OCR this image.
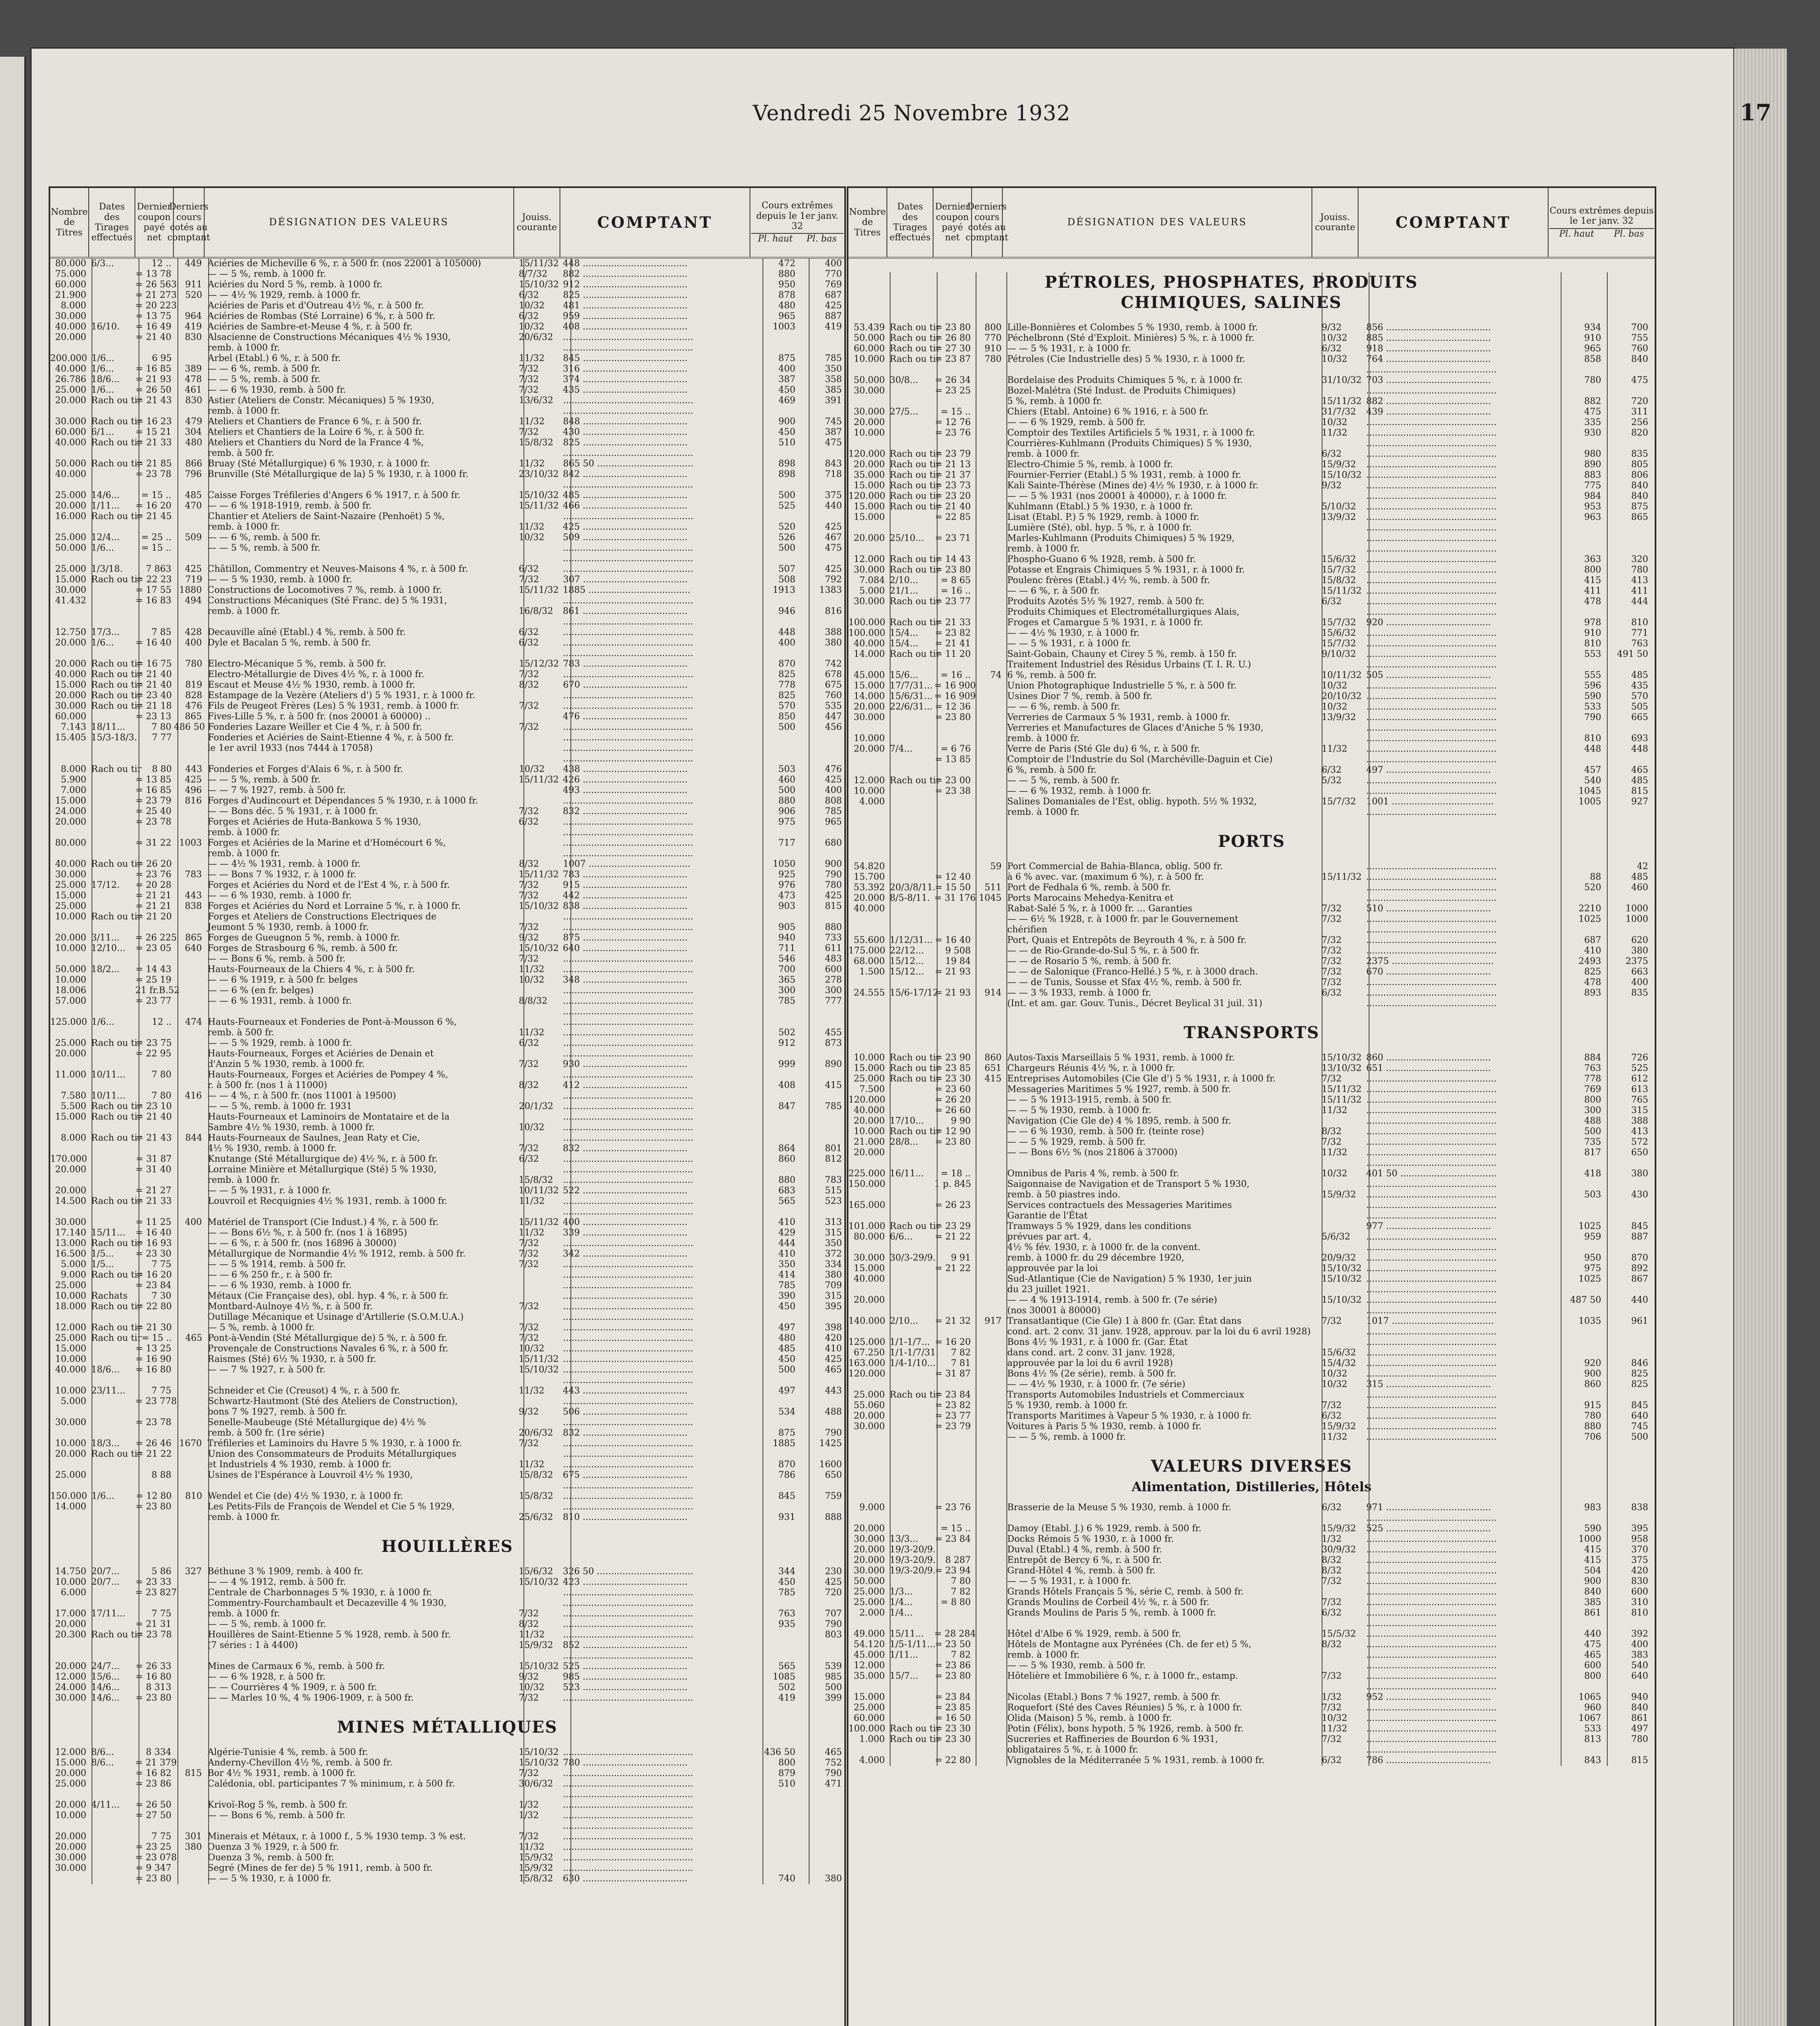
Vendredi 25 Novembre 1932	17
Nombre de Titres
Dates des Tirages effectués
Dernier coupon payé net
Derniers cours cotés au comptant
DÉSIGNATION DES VALEURS	Jouiss. courante	COMPTANT
Cours extrêmes depuis le 1er janv. 32
Pl. haut Pl. bas
80.000 6/3...	12 ..	449 Aciéries de Micheville 6 %, r. à 500 fr. (nos 22001 à 105000)	15/11/32 448 .....................................	472	400
75.000	= 13 78	— — 5 %, remb. à 1000 fr.	8/7/32	882 .....................................	880	770
60.000	= 26 563 911 Aciéries du Nord 5 %, remb. à 1000 fr.	15/10/32 912 .....................................	950	769
21.900	= 21 273 520 — — 4½ % 1929, remb. à 1000 fr.	6/32	825 .....................................	878	687
8.000	= 20 223	Aciéries de Paris et d'Outreau 4½ %, r. à 500 fr.	10/32	481 .....................................	480	425
30.000	= 13 75	964 Aciéries de Rombas (Sté Lorraine) 6 %, r. à 500 fr.	6/32	959 .....................................	965	887
40.000 16/10.	= 16 49	419 Aciéries de Sambre-et-Meuse 4 %, r. à 500 fr.	10/32	408 .....................................	1003	419
20.000	= 21 40	830 Alsacienne de Constructions Mécaniques 4½ % 1930,	20/6/32	..............................................
remb. à 1000 fr.	..............................................
200.000 1/6...	6 95	Arbel (Etabl.) 6 %, r. à 500 fr.	11/32	845 .....................................	875	785
40.000 1/6...	= 16 85	389 — — 6 %, remb. à 500 fr.	7/32	316 .....................................	400	350
26.786 18/6...	= 21 93	478 — — 5 %, remb. à 500 fr.	7/32	374 .....................................	387	358
25.000 1/6...	= 26 50	461 — — 6 % 1930, remb. à 500 fr.	7/32	435 .....................................	450	385
20.000 Rach ou tir
= 21 43	830 Astier (Ateliers de Constr. Mécaniques) 5 % 1930,	13/6/32	..............................................	469	391
remb. à 1000 fr.	..............................................
30.000 Rach ou tir
= 16 23	479 Ateliers et Chantiers de France 6 %, r. à 500 fr.	11/32	848 .....................................	900	745
60.000 6/1...	= 15 21	304 Ateliers et Chantiers de la Loire 6 %, r. à 500 fr.	7/32	430 .....................................	450	387
40.000 Rach ou tir
= 21 33	480 Ateliers et Chantiers du Nord de la France 4 %,	15/8/32	825 .....................................	510	475
remb. à 500 fr.	..............................................
50.000 Rach ou tir
= 21 85	866 Bruay (Sté Métallurgique) 6 % 1930, r. à 1000 fr.	11/32	865 50 ..................................	898	843
40.000	= 23 78	796 Brunville (Sté Métallurgique de la) 5 % 1930, r. à 1000 fr.	23/10/32 842 .....................................	898	718
..............................................
25.000 14/6...	= 15 ..	485 Caisse Forges Tréfileries d'Angers 6 % 1917, r. à 500 fr.	15/10/32 485 .....................................	500	375
20.000 1/11...	= 16 20	470 — — 6 % 1918-1919, remb. à 500 fr.	15/11/32 466 .....................................	525	440
16.000 Rach ou tir
= 21 45	Chantier et Ateliers de Saint-Nazaire (Penhoët) 5 %,	..............................................
remb. à 1000 fr.	11/32	425 .....................................	520	425
25.000 12/4...	= 25 ..	509 — — 6 %, remb. à 500 fr.	10/32	509 .....................................	526	467
50.000 1/6...	= 15 ..	— — 5 %, remb. à 500 fr.	..............................................	500	475
..............................................
25.000 1/3/18.	7 863	425 Châtillon, Commentry et Neuves-Maisons 4 %, r. à 500 fr.	6/32	..............................................	507	425
15.000 Rach ou tir
= 22 23	719 — — 5 % 1930, remb. à 1000 fr.	7/32	307 .....................................	508	792
30.000	= 17 55 1880 Constructions de Locomotives 7 %, remb. à 1000 fr.	15/11/32 1885 ....................................	1913	1383
41.432	= 16 83	494 Constructions Mécaniques (Sté Franc. de) 5 % 1931,	..............................................
remb. à 1000 fr.	16/8/32	861 .....................................	946	816
..............................................
12.750 17/3...	7 85	428 Decauville aîné (Etabl.) 4 %, remb. à 500 fr.	6/32	..............................................	448	388
20.000 1/6...	= 16 40	400 Dyle et Bacalan 5 %, remb. à 500 fr.	6/32	..............................................	400	380
..............................................
20.000 Rach ou tir
= 16 75	780 Electro-Mécanique 5 %, remb. à 500 fr.	15/12/32 783 .....................................	870	742
40.000 Rach ou tir
= 21 40	Electro-Métallurgie de Dives 4½ %, r. à 1000 fr.	7/32	..............................................	825	678
15.000 Rach ou tir
= 21 40	819 Escaut et Meuse 4½ % 1930, remb. à 1000 fr.	8/32	670 .....................................	778	675
20.000 Rach ou tir
= 23 40	828 Estampage de la Vezère (Ateliers d') 5 % 1931, r. à 1000 fr.	..............................................	825	760
30.000 Rach ou tir
= 21 18	476 Fils de Peugeot Frères (Les) 5 % 1931, remb. à 1000 fr.	7/32	..............................................	570	535
60.000	= 23 13	865 Fives-Lille 5 %, r. à 500 fr. (nos 20001 à 60000) ..	476 .....................................	850	447
7.143 18/11...	7 80 486 50 Fonderies Lazare Weiller et Cie 4 %, r. à 500 fr.	7/32	..............................................	500	456
15.405 15/3-18/3.	7 77	Fonderies et Aciéries de Saint-Etienne 4 %, r. à 500 fr.	..............................................
le 1er avril 1933 (nos 7444 à 17058)	..............................................
..............................................
8.000 Rach ou tir	8 80	443 Fonderies et Forges d'Alais 6 %, r. à 500 fr.	10/32	438 .....................................	503	476
5.900	= 13 85	425 — — 5 %, remb. à 500 fr.	15/11/32 426 .....................................	460	425
7.000	= 16 85	496 — — 7 % 1927, remb. à 500 fr.	493 .....................................	500	400
15.000	= 23 79	816 Forges d'Audincourt et Dépendances 5 % 1930, r. à 1000 fr.	..............................................	880	808
24.000	= 25 40	— — Bons déc. 5 % 1931, r. à 1000 fr.	7/32	832 .....................................	906	785
20.000	= 23 78	Forges et Aciéries de Huta-Bankowa 5 % 1930,	6/32	..............................................	975	965
remb. à 1000 fr.	..............................................
80.000	= 31 22 1003 Forges et Aciéries de la Marine et d'Homécourt 6 %,	..............................................	717	680
remb. à 1000 fr.	..............................................
40.000 Rach ou tir
= 26 20	— — 4½ % 1931, remb. à 1000 fr.	8/32	1007 ....................................	1050	900
30.000	= 23 76	783 — — Bons 7 % 1932, r. à 1000 fr.	15/11/32 783 .....................................	925	790
25.000 17/12.	= 20 28	Forges et Aciéries du Nord et de l'Est 4 %, r. à 500 fr.	7/32	915 .....................................	976	780
15.000	= 21 21	443 — — 6 % 1930, remb. à 1000 fr.	7/32	442 .....................................	473	425
25.000	= 21 21	838 Forges et Aciéries du Nord et Lorraine 5 %, r. à 1000 fr.	15/10/32 838 .....................................	903	815
10.000 Rach ou tir
= 21 20	Forges et Ateliers de Constructions Electriques de	..............................................
Jeumont 5 % 1930, remb. à 1000 fr.	7/32	..............................................	905	880
20.000 3/11...	= 26 225 865 Forges de Gueugnon 5 %, remb. à 1000 fr.	9/32	875 .....................................	940	733
10.000 12/10...	= 23 05	640 Forges de Strasbourg 6 %, remb. à 500 fr.	15/10/32 640 .....................................	711	611
— — Bons 6 %, remb. à 500 fr.	7/32	..............................................	546	483
50.000 18/2...	= 14 43	Hauts-Fourneaux de la Chiers 4 %, r. à 500 fr.	11/32	..............................................	700	600
10.000	= 25 19	— — 6 % 1919, r. à 500 fr. belges	10/32	348 .....................................	365	278
18.006	21 fr.B.52	— — 6 % (en fr. belges)	..............................................	300	300
57.000	= 23 77	— — 6 % 1931, remb. à 1000 fr.	8/8/32	..............................................	785	777
..............................................
125.000 1/6...	12 ..	474 Hauts-Fourneaux et Fonderies de Pont-à-Mousson 6 %,	..............................................
remb. à 500 fr.	11/32	..............................................	502	455
25.000 Rach ou tir
= 23 75	— — 5 % 1929, remb. à 1000 fr.	6/32	..............................................	912	873
20.000	= 22 95	Hauts-Fourneaux, Forges et Aciéries de Denain et	..............................................
d'Anzin 5 % 1930, remb. à 1000 fr.	7/32	930 .....................................	999	890
11.000 10/11...	7 80	Hauts-Fourneaux, Forges et Aciéries de Pompey 4 %,	..............................................
r. à 500 fr. (nos 1 à 11000)	8/32	412 .....................................	408	415
7.580 10/11...	7 80	416 — — 4 %, r. à 500 fr. (nos 11001 à 19500)	..............................................
5.500 Rach ou tir
= 23 10	— — 5 %, remb. à 1000 fr. 1931	20/1/32	..............................................	847	785
15.000 Rach ou tir
= 21 40	Hauts-Fourneaux et Laminoirs de Montataire et de la	..............................................
Sambre 4½ % 1930, remb. à 1000 fr.	10/32	..............................................
8.000 Rach ou tir
= 21 43	844 Hauts-Fourneaux de Saulnes, Jean Raty et Cie,	..............................................
4½ % 1930, remb. à 1000 fr.	7/32	832 .....................................	864	801
170.000	= 31 87	Knutange (Sté Métallurgique de) 4½ %, r. à 500 fr.	6/32	..............................................	860	812
20.000	= 31 40	Lorraine Minière et Métallurgique (Sté) 5 % 1930,	..............................................
remb. à 1000 fr.	15/8/32	..............................................	880	783
20.000	= 21 27	— — 5 % 1931, r. à 1000 fr.	10/11/32 522 .....................................	683	515
14.500 Rach ou tir
= 21 33	Louvroil et Recquignies 4½ % 1931, remb. à 1000 fr.	11/32	..............................................	565	523
..............................................
30.000	= 11 25	400 Matériel de Transport (Cie Indust.) 4 %, r. à 500 fr.	15/11/32 400 .....................................	410	313
17.140 15/11...	= 16 40	— — Bons 6½ %, r. à 500 fr. (nos 1 à 16895)	11/32	339 .....................................	429	315
13.000 Rach ou tir
= 16 93	— — 6 %, r. à 500 fr. (nos 16896 à 30000)	7/32	..............................................	444	350
16.500 1/5...	= 23 30	Métallurgique de Normandie 4½ % 1912, remb. à 500 fr.	7/32	342 .....................................	410	372
5.000 1/5...	7 75	— — 5 % 1914, remb. à 500 fr.	7/32	..............................................	350	334
9.000 Rach ou tir
= 16 20	— — 6 % 250 fr., r. à 500 fr.	..............................................	414	380
25.000	= 23 84	— — 6 % 1930, remb. à 1000 fr.	..............................................	785	709
10.000 Rachats	7 30	Métaux (Cie Française des), obl. hyp. 4 %, r. à 500 fr.	..............................................	390	315
18.000 Rach ou tir
= 22 80	Montbard-Aulnoye 4½ %, r. à 500 fr.	7/32	..............................................	450	395
Outillage Mécanique et Usinage d'Artillerie (S.O.M.U.A.)	..............................................
12.000 Rach ou tir
= 21 30	— 5 %, remb. à 1000 fr.	7/32	..............................................	497	398
25.000 Rach ou tir = 15 ..	465 Pont-à-Vendin (Sté Métallurgique de) 5 %, r. à 500 fr.	7/32	..............................................	480	420
15.000	= 13 25	Provençale de Constructions Navales 6 %, r. à 500 fr.	10/32	..............................................	485	410
10.000	= 16 90	Raismes (Sté) 6½ % 1930, r. à 500 fr.	15/11/32 ..............................................	450	425
40.000 18/6...	= 16 80	— — 7 % 1927, r. à 500 fr.	15/10/32 ..............................................	500	465
..............................................
10.000 23/11...	7 75	Schneider et Cie (Creusot) 4 %, r. à 500 fr.	11/32	443 .....................................	497	443
5.000	= 23 778	Schwartz-Hautmont (Sté des Ateliers de Construction),	..............................................
bons 7 % 1927, remb. à 500 fr.	9/32	506 .....................................	534	488
30.000	= 23 78	Senelle-Maubeuge (Sté Métallurgique de) 4½ %	..............................................
remb. à 500 fr. (1re série)	20/6/32	832 .....................................	875	790
10.000 18/3...	= 26 46 1670 Tréfileries et Laminoirs du Havre 5 % 1930, r. à 1000 fr.	7/32	..............................................	1885	1425
20.000 Rach ou tir
= 21 22	Union des Consommateurs de Produits Métallurgiques	..............................................
et Industriels 4 % 1930, remb. à 1000 fr.	11/32	..............................................	870	1600
25.000	8 88	Usines de l'Espérance à Louvroil 4½ % 1930,	15/8/32	675 .....................................	786	650
..............................................
150.000 1/6...	= 12 80	810 Wendel et Cie (de) 4½ % 1930, r. à 1000 fr.	15/8/32	..............................................	845	759
14.000	= 23 80	Les Petits-Fils de François de Wendel et Cie 5 % 1929,	..............................................
remb. à 1000 fr.	25/6/32	810 .....................................	931	888
HOUILLÈRES
14.750 20/7...	5 86	327 Béthune 3 % 1909, remb. à 400 fr.	15/6/32	326 50 ..................................	344	230
10.000 20/7...	= 23 33	— — 4 % 1912, remb. à 500 fr.	15/10/32 423 .....................................	450	425
6.000	= 23 827	Centrale de Charbonnages 5 % 1930, r. à 1000 fr.	..............................................	785	720
Commentry-Fourchambault et Decazeville 4 % 1930,	..............................................
17.000 17/11...	7 75	remb. à 1000 fr.	7/32	..............................................	763	707
20.000	= 21 31	— — 5 %, remb. à 1000 fr.	8/32	..............................................	935	790
20.300 Rach ou tir
= 23 78	Houillères de Saint-Etienne 5 % 1928, remb. à 500 fr.	11/32	..............................................	803
(7 séries : 1 à 4400)	15/9/32	852 .....................................
..............................................
20.000 24/7...	= 26 33	Mines de Carmaux 6 %, remb. à 500 fr.	15/10/32 525 .....................................	565	539
12.000 15/6...	= 16 80	— — 6 % 1928, r. à 500 fr.	9/32	985 .....................................	1085	985
24.000 14/6...	8 313	— — Courrières 4 % 1909, r. à 500 fr.	10/32	523 .....................................	502	500
30.000 14/6...	= 23 80	— — Marles 10 %, 4 % 1906-1909, r. à 500 fr.	7/32	..............................................	419	399
MINES MÉTALLIQUES
12.000 8/6...	8 334	Algérie-Tunisie 4 %, remb. à 500 fr.	15/10/32 ..............................................	436 50	465
15.000 8/6...	= 21 379	Anderny-Chevillon 4½ %, remb. à 500 fr.	15/10/32 780 .....................................	800	752
20.000	= 16 82	815 Bor 4½ % 1931, remb. à 1000 fr.	7/32	..............................................	879	790
25.000	= 23 86	Calédonia, obl. participantes 7 % minimum, r. à 500 fr.	30/6/32	..............................................	510	471
..............................................
20.000 4/11...	= 26 50	Krivoï-Rog 5 %, remb. à 500 fr.	1/32	..............................................
10.000	= 27 50	— — Bons 6 %, remb. à 500 fr.	1/32	..............................................
..............................................
20.000	7 75	301 Minerais et Métaux, r. à 1000 f., 5 % 1930 temp. 3 % est.	7/32	..............................................
20.000	= 23 25	380 Ouenza 3 % 1929, r. à 500 fr.	11/32	..............................................
30.000	= 23 078	Ouenza 3 %, remb. à 500 fr.	15/9/32	..............................................
30.000	= 9 347	Segré (Mines de fer de) 5 % 1911, remb. à 500 fr.	15/9/32	..............................................
= 23 80	— — 5 % 1930, r. à 1000 fr.	15/8/32	630 .....................................	740	380
Nombre de Titres
Dates des Tirages effectués
Dernier coupon payé net
Derniers cours cotés au comptant
DÉSIGNATION DES VALEURS	Jouiss. courante	COMPTANT
Cours extrêmes depuis le 1er janv. 32
Pl. haut Pl. bas
PÉTROLES, PHOSPHATES, PRODUITS CHIMIQUES, SALINES
53.439 Rach ou tir
= 23 80	800 Lille-Bonnières et Colombes 5 % 1930, remb. à 1000 fr.	9/32	856 .....................................	934	700
50.000 Rach ou tir
= 26 80	770 Péchelbronn (Sté d'Exploit. Minières) 5 %, r. à 1000 fr.	10/32	885 .....................................	910	755
60.000 Rach ou tir
= 27 30	910 — — 5 % 1931, r. à 1000 fr.	6/32	918 .....................................	965	760
10.000 Rach ou tir
= 23 87	780 Pétroles (Cie Industrielle des) 5 % 1930, r. à 1000 fr.	10/32	764 .....................................	858	840
..............................................
50.000 30/8...	= 26 34	Bordelaise des Produits Chimiques 5 %, r. à 1000 fr.	31/10/32 703 .....................................	780	475
30.000	= 23 25	Bozel-Malétra (Sté Indust. de Produits Chimiques)	..............................................
5 %, remb. à 1000 fr.	15/11/32 882 .....................................	882	720
30.000 27/5...	= 15 ..	Chiers (Etabl. Antoine) 6 % 1916, r. à 500 fr.	31/7/32	439 .....................................	475	311
20.000	= 12 76	— — 6 % 1929, remb. à 500 fr.	10/32	..............................................	335	256
10.000	= 23 76	Comptoir des Textiles Artificiels 5 % 1931, r. à 1000 fr.	11/32	..............................................	930	820
Courrières-Kuhlmann (Produits Chimiques) 5 % 1930,	..............................................
120.000 Rach ou tir
= 23 79	remb. à 1000 fr.	6/32	..............................................	980	835
20.000 Rach ou tir
= 21 13	Electro-Chimie 5 %, remb. à 1000 fr.	15/9/32	..............................................	890	805
35.000 Rach ou tir
= 21 37	Fournier-Ferrier (Etabl.) 5 % 1931, remb. à 1000 fr.	15/10/32 ..............................................	883	806
15.000 Rach ou tir
= 23 73	Kali Sainte-Thérèse (Mines de) 4½ % 1930, r. à 1000 fr.	9/32	..............................................	775	840
120.000 Rach ou tir
= 23 20	— — 5 % 1931 (nos 20001 à 40000), r. à 1000 fr.	..............................................	984	840
15.000 Rach ou tir
= 21 40	Kuhlmann (Etabl.) 5 % 1930, r. à 1000 fr.	5/10/32	..............................................	953	875
15.000	= 22 85	Lisat (Etabl. P.) 5 % 1929, remb. à 1000 fr.	13/9/32	..............................................	963	865
Lumière (Sté), obl. hyp. 5 %, r. à 1000 fr.	..............................................
20.000 25/10...	= 23 71	Marles-Kuhlmann (Produits Chimiques) 5 % 1929,	..............................................
remb. à 1000 fr.	..............................................
12.000 Rach ou tir
= 14 43	Phospho-Guano 6 % 1928, remb. à 500 fr.	15/6/32	..............................................	363	320
30.000 Rach ou tir
= 23 80	Potasse et Engrais Chimiques 5 % 1931, r. à 1000 fr.	15/7/32	..............................................	800	780
7.084 2/10...	= 8 65	Poulenc frères (Etabl.) 4½ %, remb. à 500 fr.	15/8/32	..............................................	415	413
5.000 21/1...	= 16 ..	— — 6 %, r. à 500 fr.	15/11/32 ..............................................	411	411
30.000 Rach ou tir
= 23 77	Produits Azotés 5½ % 1927, remb. à 500 fr.	6/32	..............................................	478	444
Produits Chimiques et Electrométallurgiques Alais,	..............................................
100.000 Rach ou tir
= 21 33	Froges et Camargue 5 % 1931, r. à 1000 fr.	15/7/32	920 .....................................	978	810
100.000 15/4...	= 23 82	— — 4½ % 1930, r. à 1000 fr.	15/6/32	..............................................	910	771
40.000 15/4...	= 21 41	— — 5 % 1931, r. à 1000 fr.	15/7/32	..............................................	810	763
14.000 Rach ou tir
= 11 20	Saint-Gobain, Chauny et Cirey 5 %, remb. à 150 fr.	9/10/32	..............................................	553	491 50
Traitement Industriel des Résidus Urbains (T. I. R. U.)	..............................................
45.000 15/6...	= 16 ..	74 6 %, remb. à 500 fr.	10/11/32 505 .....................................	555	485
15.000 17/7/31... = 16 900	Union Photographique Industrielle 5 %, r. à 500 fr.	10/32	..............................................	596	435
14.000 15/6/31... = 16 909	Usines Dior 7 %, remb. à 500 fr.	20/10/32 ..............................................	590	570
20.000 22/6/31... = 12 36	— — 6 %, remb. à 500 fr.	10/32	..............................................	533	505
30.000	= 23 80	Verreries de Carmaux 5 % 1931, remb. à 1000 fr.	13/9/32	..............................................	790	665
Verreries et Manufactures de Glaces d'Aniche 5 % 1930,	..............................................
10.000	remb. à 1000 fr.	..............................................	810	693
20.000 7/4...	= 6 76	Verre de Paris (Sté Gle du) 6 %, r. à 500 fr.	11/32	..............................................	448	448
= 13 85	Comptoir de l'Industrie du Sol (Marchéville-Daguin et Cie)	..............................................
6 %, remb. à 500 fr.	6/32	497 .....................................	457	465
12.000 Rach ou tir
= 23 00	— — 5 %, remb. à 500 fr.	5/32	..............................................	540	485
10.000	= 23 38	— — 6 % 1932, remb. à 1000 fr.	..............................................	1045	815
4.000	Salines Domaniales de l'Est, oblig. hypoth. 5½ % 1932,	15/7/32	1001 ....................................	1005	927
remb. à 1000 fr.	..............................................
PORTS
54.820	59 Port Commercial de Bahia-Blanca, oblig. 500 fr.	..............................................	42
15.700	= 12 40	à 6 % avec. var. (maximum 6 %), r. à 500 fr.	15/11/32 ..............................................	88	485
53.392 20/3/8/11.
= 15 50	511 Port de Fedhala 6 %, remb. à 500 fr.	..............................................	520	460
20.000 8/5-8/11. = 31 176 1045 Ports Marocains Mehedya-Kenitra et	..............................................
40.000	Rabat-Salé 5 %, r. à 1000 fr. ... Garanties	7/32	510 .....................................	2210	1000
— — 6½ % 1928, r. à 1000 fr. par le Gouvernement	7/32	..............................................	1025	1000
chérifien	..............................................
55.600 1/12/31... = 16 40	Port, Quais et Entrepôts de Beyrouth 4 %, r. à 500 fr.	7/32	..............................................	687	620
175.000 22/12...	9 508	— — de Rio-Grande-do-Sul 5 %, r. à 500 fr.	7/32	..............................................	410	380
68.000 15/12...	19 84	— — de Rosario 5 %, remb. à 500 fr.	7/32	2375 ....................................	2493	2375
1.500 15/12...	= 21 93	— — de Salonique (Franco-Hellé.) 5 %, r. à 3000 drach.	7/32	670 .....................................	825	663
— — de Tunis, Sousse et Sfax 4½ %, remb. à 500 fr.	7/32	..............................................	478	400
24.555 15/6-17/12
= 21 93	914 — — 3 % 1933, remb. à 1000 fr.	6/32	..............................................	893	835
(Int. et am. gar. Gouv. Tunis., Décret Beylical 31 juil. 31)	..............................................
TRANSPORTS
10.000 Rach ou tir
= 23 90	860 Autos-Taxis Marseillais 5 % 1931, remb. à 1000 fr.	15/10/32 860 .....................................	884	726
15.000 Rach ou tir
= 23 85	651 Chargeurs Réunis 4½ %, r. à 1000 fr.	13/10/32 651 .....................................	763	525
25.000 Rach ou tir
= 23 30	415 Entreprises Automobiles (Cie Gle d') 5 % 1931, r. à 1000 fr.	7/32	..............................................	778	612
7.500	= 23 60	Messageries Maritimes 5 % 1927, remb. à 500 fr.	15/11/32 ..............................................	769	613
120.000	= 26 20	— — 5 % 1913-1915, remb. à 500 fr.	15/11/32 ..............................................	800	765
40.000	= 26 60	— — 5 % 1930, remb. à 1000 fr.	11/32	..............................................	300	315
20.000 17/10...	9 90	Navigation (Cie Gle de) 4 % 1895, remb. à 500 fr.	..............................................	488	388
10.000 Rach ou tir
= 12 90	— — 6 % 1930, remb. à 500 fr. (teinte rose)	8/32	..............................................	500	413
21.000 28/8...	= 23 80	— — 5 % 1929, remb. à 500 fr.	7/32	..............................................	735	572
20.000	— — Bons 6½ % (nos 21806 à 37000)	11/32	..............................................	817	650
..............................................
225.000 16/11...	= 18 ..	Omnibus de Paris 4 %, remb. à 500 fr.	10/32	401 50 ..................................	418	380
150.000	1 p. 845	Saigonnaise de Navigation et de Transport 5 % 1930,	..............................................
remb. à 50 piastres indo.	15/9/32	..............................................	503	430
165.000	= 26 23	Services contractuels des Messageries Maritimes	..............................................
Garantie de l'État	..............................................
101.000 Rach ou tir
= 23 29	Tramways 5 % 1929, dans les conditions	977 .....................................	1025	845
80.000 6/6...	= 21 22	prévues par art. 4,	5/6/32	..............................................	959	887
4½ % fév. 1930, r. à 1000 fr. de la convent.	..............................................
30.000 30/3-29/9.	9 91	remb. à 1000 fr. du 29 décembre 1920,	20/9/32	..............................................	950	870
15.000	= 21 22	approuvée par la loi	15/10/32 ..............................................	975	892
40.000	Sud-Atlantique (Cie de Navigation) 5 % 1930, 1er juin	15/10/32 ..............................................	1025	867
du 23 juillet 1921.	..............................................
20.000	— — 4 % 1913-1914, remb. à 500 fr. (7e série)	15/10/32 ..............................................	487 50	440
(nos 30001 à 80000)	..............................................
140.000 2/10...	= 21 32	917 Transatlantique (Cie Gle) 1 à 800 fr. (Gar. État dans	7/32	1017 ....................................	1035	961
cond. art. 2 conv. 31 janv. 1928, approuv. par la loi du 6 avril 1928)	..............................................
125.000 1/1-1/7... = 16 20	Bons 4½ % 1931, r. à 1000 fr. (Gar. État	..............................................
67.250 1/1-1/7/31.	7 82	dans cond. art. 2 conv. 31 janv. 1928,	15/6/32	..............................................
163.000 1/4-1/10...	7 81	approuvée par la loi du 6 avril 1928)	15/4/32	..............................................	920	846
120.000	= 31 87	Bons 4½ % (2e série), remb. à 500 fr.	10/32	..............................................	900	825
— — 4½ % 1930, r. à 1000 fr. (7e série)	10/32	315 .....................................	860	825
25.000 Rach ou tir
= 23 84	Transports Automobiles Industriels et Commerciaux	..............................................
55.060	= 23 82	5 % 1930, remb. à 1000 fr.	7/32	..............................................	915	845
20.000	= 23 77	Transports Maritimes à Vapeur 5 % 1930, r. à 1000 fr.	6/32	..............................................	780	640
30.000	= 23 79	Voitures à Paris 5 % 1930, remb. à 1000 fr.	15/9/32	..............................................	880	745
— — 5 %, remb. à 1000 fr.	11/32	..............................................	706	500
VALEURS DIVERSES
Alimentation, Distilleries, Hôtels
9.000	= 23 76	Brasserie de la Meuse 5 % 1930, remb. à 1000 fr.	6/32	971 .....................................	983	838
..............................................
20.000	= 15 ..	Damoy (Etabl. J.) 6 % 1929, remb. à 500 fr.	15/9/32	525 .....................................	590	395
30.000 13/3...	= 23 84	Docks Rémois 5 % 1930, r. à 1000 fr.	1/32	..............................................	1000	958
20.000 19/3-20/9.	Duval (Etabl.) 4 %, remb. à 500 fr.	30/9/32	..............................................	415	370
20.000 19/3-20/9.	8 287	Entrepôt de Bercy 6 %, r. à 500 fr.	8/32	..............................................	415	375
30.000 19/3-20/9.
= 23 94	Grand-Hôtel 4 %, remb. à 500 fr.	8/32	..............................................	504	420
50.000	7 80	— — 5 % 1931, r. à 1000 fr.	7/32	..............................................	900	830
25.000 1/3...	7 82	Grands Hôtels Français 5 %, série C, remb. à 500 fr.	..............................................	840	600
25.000 1/4...	= 8 80	Grands Moulins de Corbeil 4½ %, r. à 500 fr.	7/32	..............................................	385	310
2.000 1/4...	Grands Moulins de Paris 5 %, remb. à 1000 fr.	6/32	..............................................	861	810
..............................................
49.000 15/11...	= 28 284	Hôtel d'Albe 6 % 1929, remb. à 500 fr.	15/5/32	..............................................	440	392
54.120 1/5-1/11...
= 23 50	Hôtels de Montagne aux Pyrénées (Ch. de fer et) 5 %,	8/32	..............................................	475	400
45.000 1/11...	7 82	remb. à 1000 fr.	..............................................	465	383
12.000	= 23 86	— — 5 % 1930, remb. à 500 fr.	..............................................	600	540
35.000 15/7...	= 23 80	Hôtelière et Immobilière 6 %, r. à 1000 fr., estamp.	7/32	..............................................	800	640
..............................................
15.000	= 23 84	Nicolas (Etabl.) Bons 7 % 1927, remb. à 500 fr.	1/32	952 .....................................	1065	940
25.000	= 23 85	Roquefort (Sté des Caves Réunies) 5 %, r. à 1000 fr.	7/32	..............................................	960	840
60.000	= 16 50	Olida (Maison) 5 %, remb. à 1000 fr.	10/32	..............................................	1067	861
100.000 Rach ou tir
= 23 30	Potin (Félix), bons hypoth. 5 % 1926, remb. à 500 fr.	11/32	..............................................	533	497
1.000 Rach ou tir
= 23 30	Sucreries et Raffineries de Bourdon 6 % 1931,	7/32	..............................................	813	780
obligataires 5 %, r. à 1000 fr.	..............................................
4.000	= 22 80	Vignobles de la Méditerranée 5 % 1931, remb. à 1000 fr.	6/32	786 .....................................	843	815
